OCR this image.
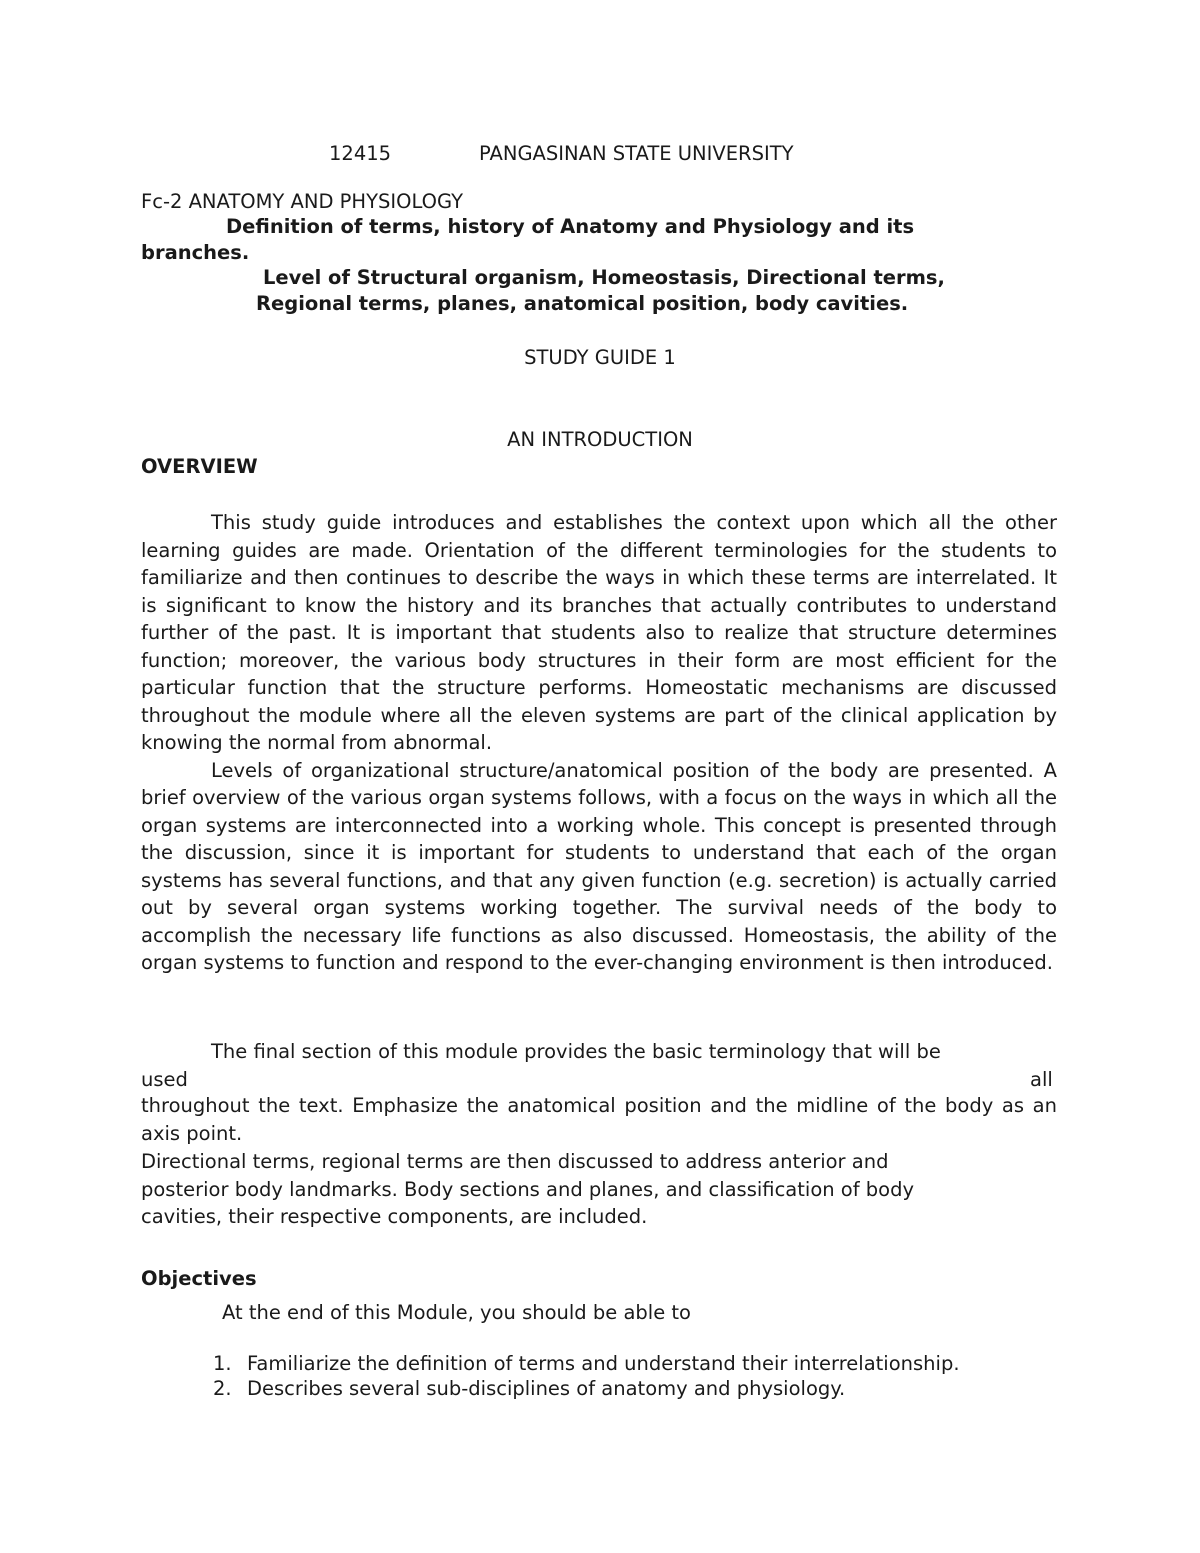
12415	PANGASINAN STATE UNIVERSITY
Fc-2 ANATOMY AND PHYSIOLOGY
Definition of terms, history of Anatomy and Physiology and its
branches.
Level of Structural organism, Homeostasis, Directional terms,
Regional terms, planes, anatomical position, body cavities.
STUDY GUIDE 1
AN INTRODUCTION
OVERVIEW

This study guide introduces and establishes the context upon which all the other learning guides are made. Orientation of the different terminologies for the students to familiarize and then continues to describe the ways in which these terms are interrelated. It is significant to know the history and its branches that actually contributes to understand further of the past. It is important that students also to realize that structure determines function; moreover, the various body structures in their form are most efficient for the particular function that the structure performs. Homeostatic mechanisms are discussed throughout the module where all the eleven systems are part of the clinical application by knowing the normal from abnormal.

Levels of organizational structure/anatomical position of the body are presented. A brief overview of the various organ systems follows, with a focus on the ways in which all the organ systems are interconnected into a working whole. This concept is presented through the discussion, since it is important for students to understand that each of the organ systems has several functions, and that any given function (e.g. secretion) is actually carried out by several organ systems working together. The survival needs of the body to accomplish the necessary life functions as also discussed. Homeostasis, the ability of the organ systems to function and respond to the ever-changing environment is then introduced.

The final section of this module provides the basic terminology that will be
used	all
throughout the text. Emphasize the anatomical position and the midline of the body as an axis point.
Directional terms, regional terms are then discussed to address anterior and
posterior body landmarks. Body sections and planes, and classification of body
cavities, their respective components, are included.
Objectives
At the end of this Module, you should be able to
1. Familiarize the definition of terms and understand their interrelationship.
2. Describes several sub-disciplines of anatomy and physiology.
